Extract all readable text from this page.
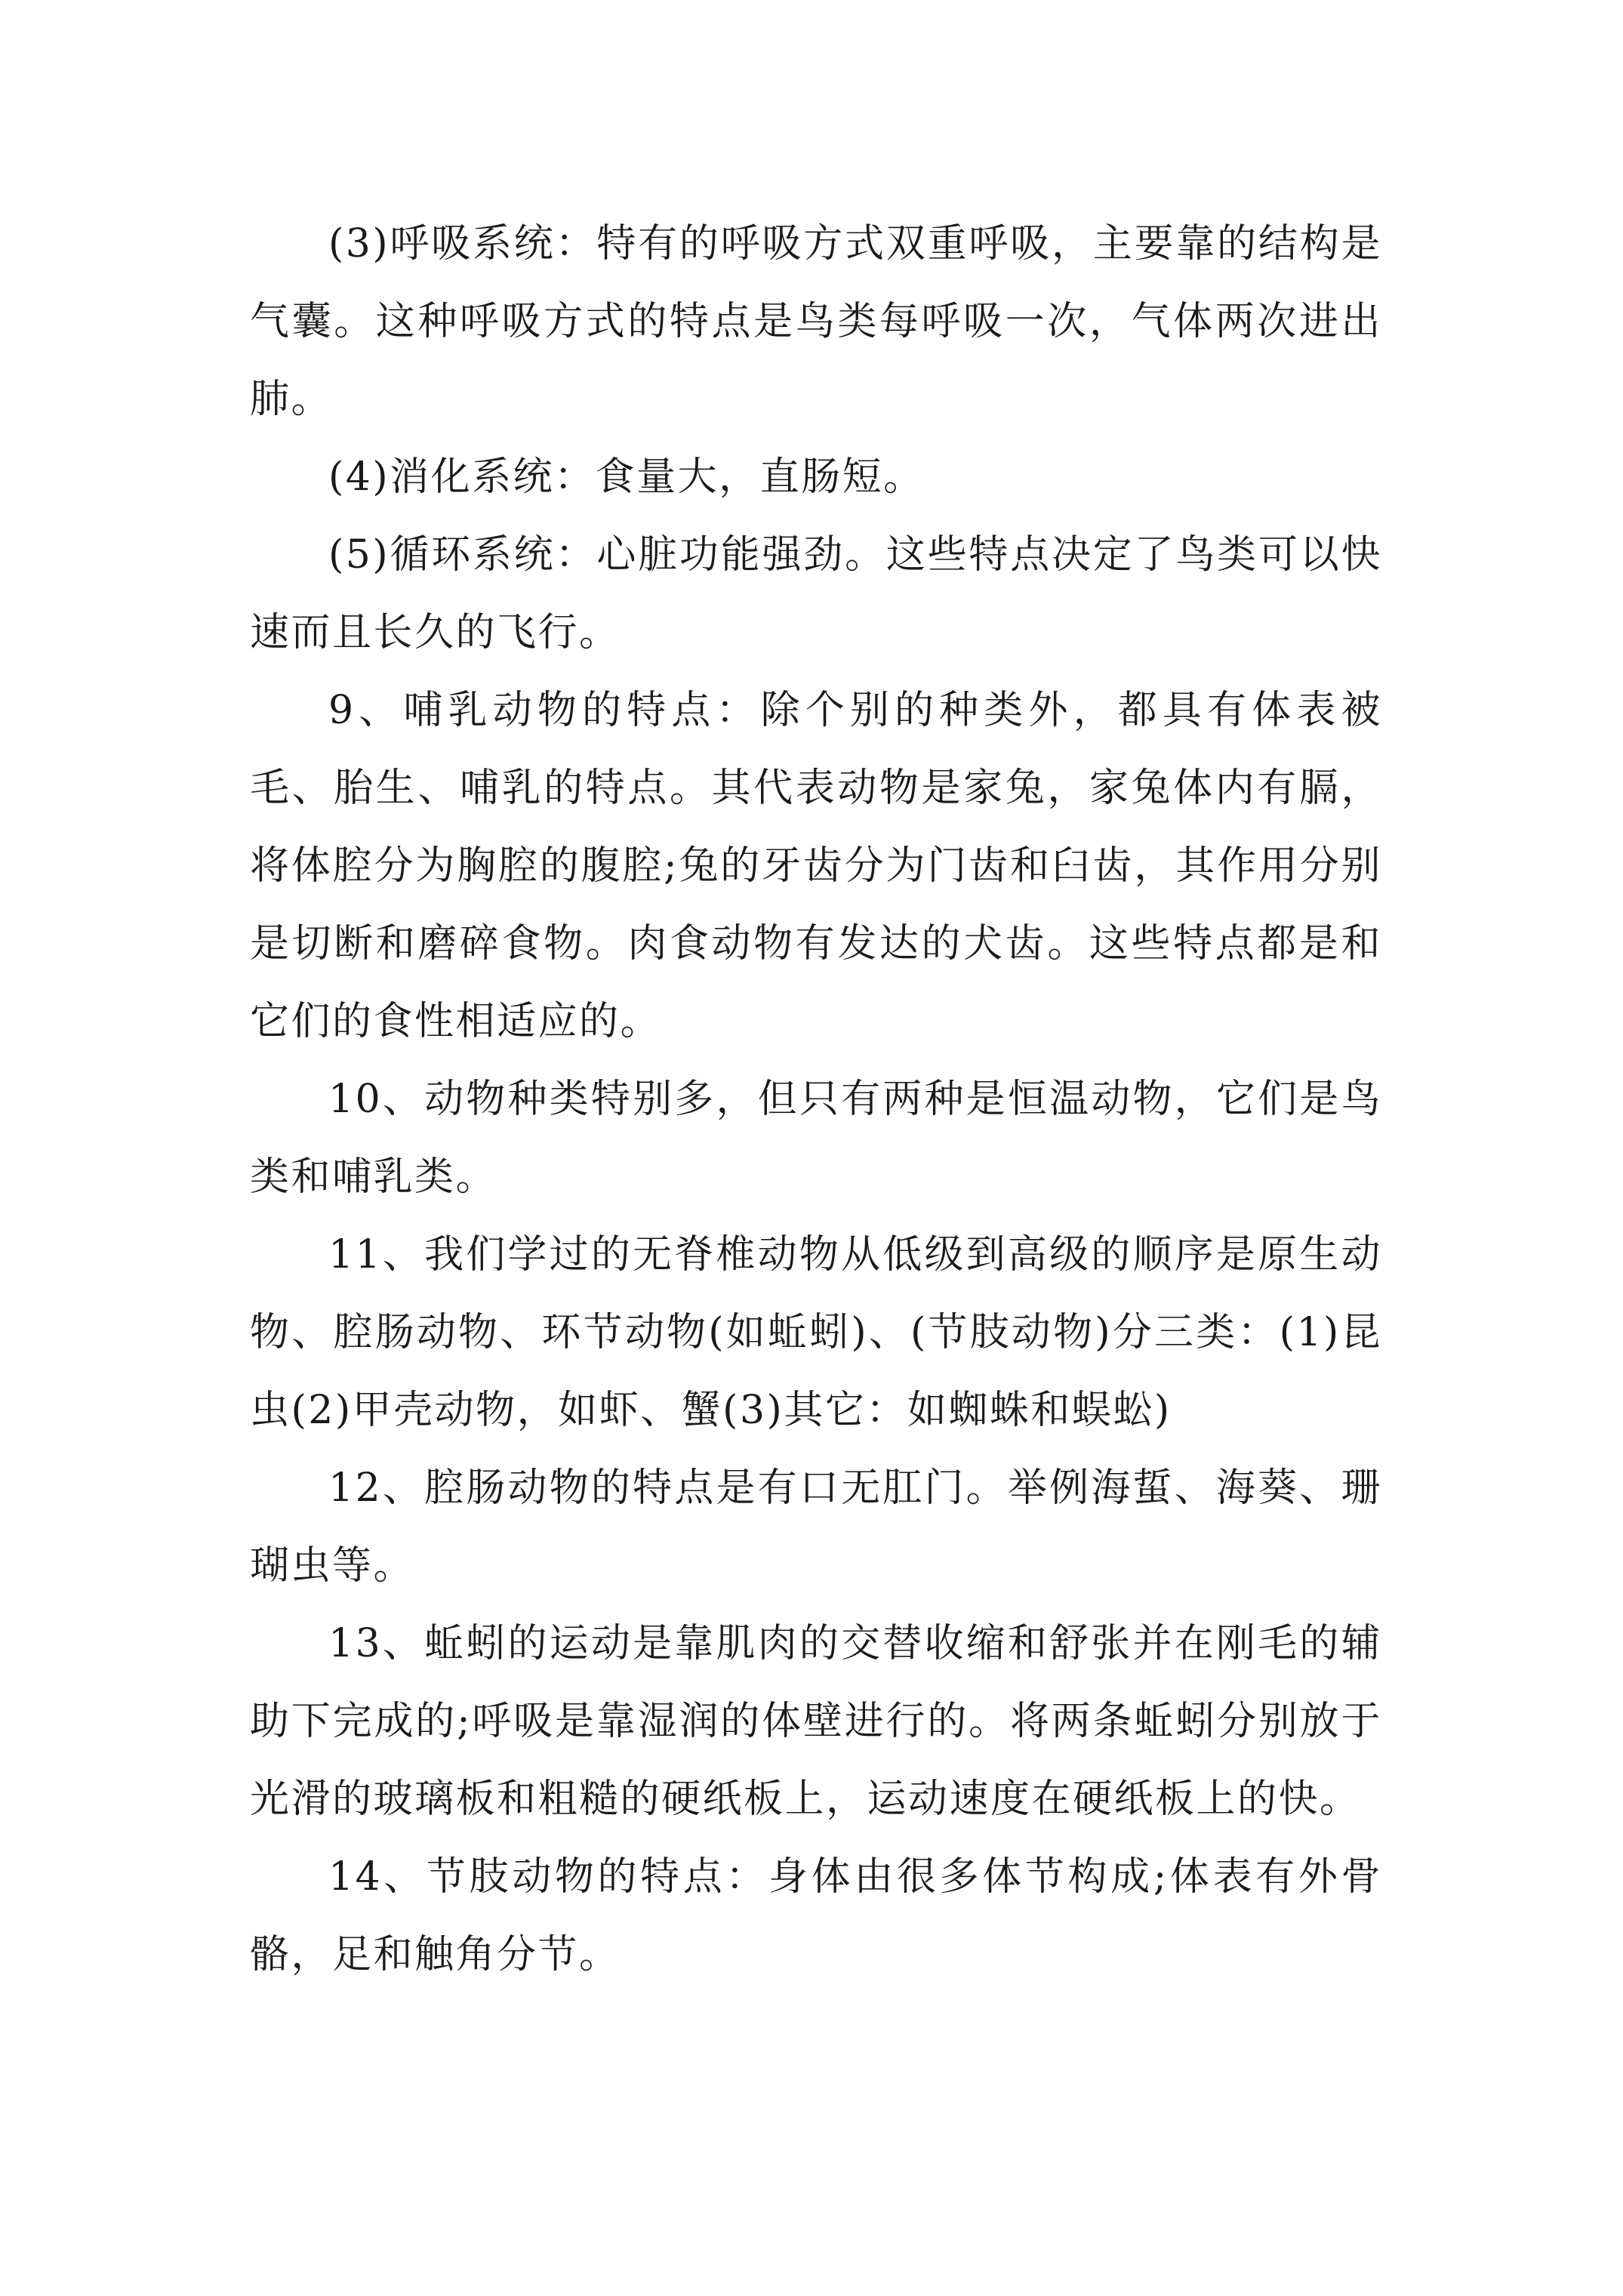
(3)呼吸系统：特有的呼吸方式双重呼吸，主要靠的结构是气囊。这种呼吸方式的特点是鸟类每呼吸一次，气体两次进出肺。

(4)消化系统：食量大，直肠短。

(5)循环系统：心脏功能强劲。这些特点决定了鸟类可以快速而且长久的飞行。

9、哺乳动物的特点：除个别的种类外，都具有体表被毛、胎生、哺乳的特点。其代表动物是家兔，家兔体内有膈，将体腔分为胸腔的腹腔;兔的牙齿分为门齿和臼齿，其作用分别是切断和磨碎食物。肉食动物有发达的犬齿。这些特点都是和它们的食性相适应的。

10、动物种类特别多，但只有两种是恒温动物，它们是鸟类和哺乳类。

11、我们学过的无脊椎动物从低级到高级的顺序是原生动物、腔肠动物、环节动物(如蚯蚓)、(节肢动物)分三类：(1)昆虫(2)甲壳动物，如虾、蟹(3)其它：如蜘蛛和蜈蚣)

12、腔肠动物的特点是有口无肛门。举例海蜇、海葵、珊瑚虫等。

13、蚯蚓的运动是靠肌肉的交替收缩和舒张并在刚毛的辅助下完成的;呼吸是靠湿润的体壁进行的。将两条蚯蚓分别放于光滑的玻璃板和粗糙的硬纸板上，运动速度在硬纸板上的快。

14、节肢动物的特点：身体由很多体节构成;体表有外骨骼，足和触角分节。
